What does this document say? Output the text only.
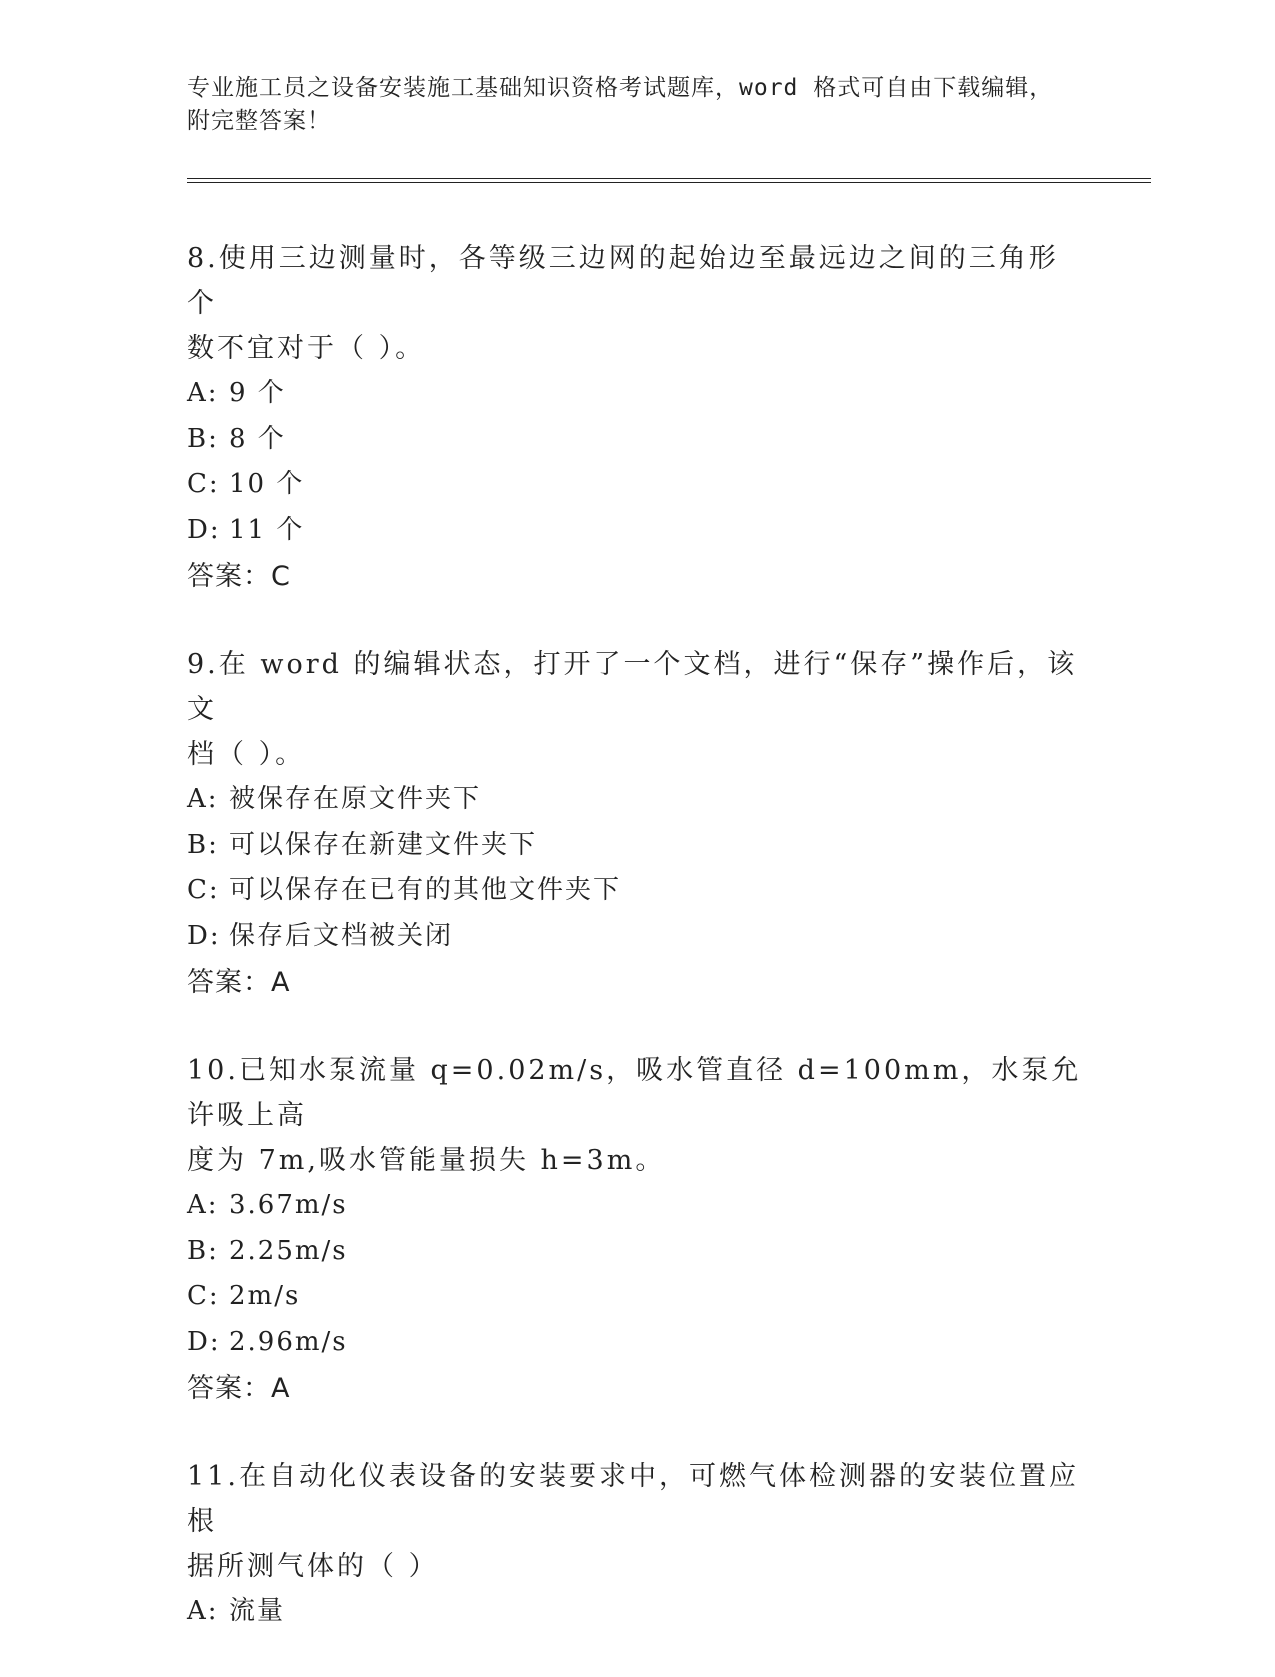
专业施工员之设备安装施工基础知识资格考试题库，word 格式可自由下载编辑，
附完整答案！

8.使用三边测量时，各等级三边网的起始边至最远边之间的三角形个

数不宜对于（ ）。

A: 9 个
B: 8 个
C: 10 个
D: 11 个
答案：C

9.在 word 的编辑状态，打开了一个文档，进行“保存”操作后，该文

档（ ）。

A: 被保存在原文件夹下
B: 可以保存在新建文件夹下
C: 可以保存在已有的其他文件夹下
D: 保存后文档被关闭
答案：A

10.已知水泵流量 q=0.02m/s，吸水管直径 d=100mm，水泵允许吸上高

度为 7m,吸水管能量损失 h=3m。

A: 3.67m/s
B: 2.25m/s
C: 2m/s
D: 2.96m/s
答案：A

11.在自动化仪表设备的安装要求中，可燃气体检测器的安装位置应根

据所测气体的（ ）

A: 流量
